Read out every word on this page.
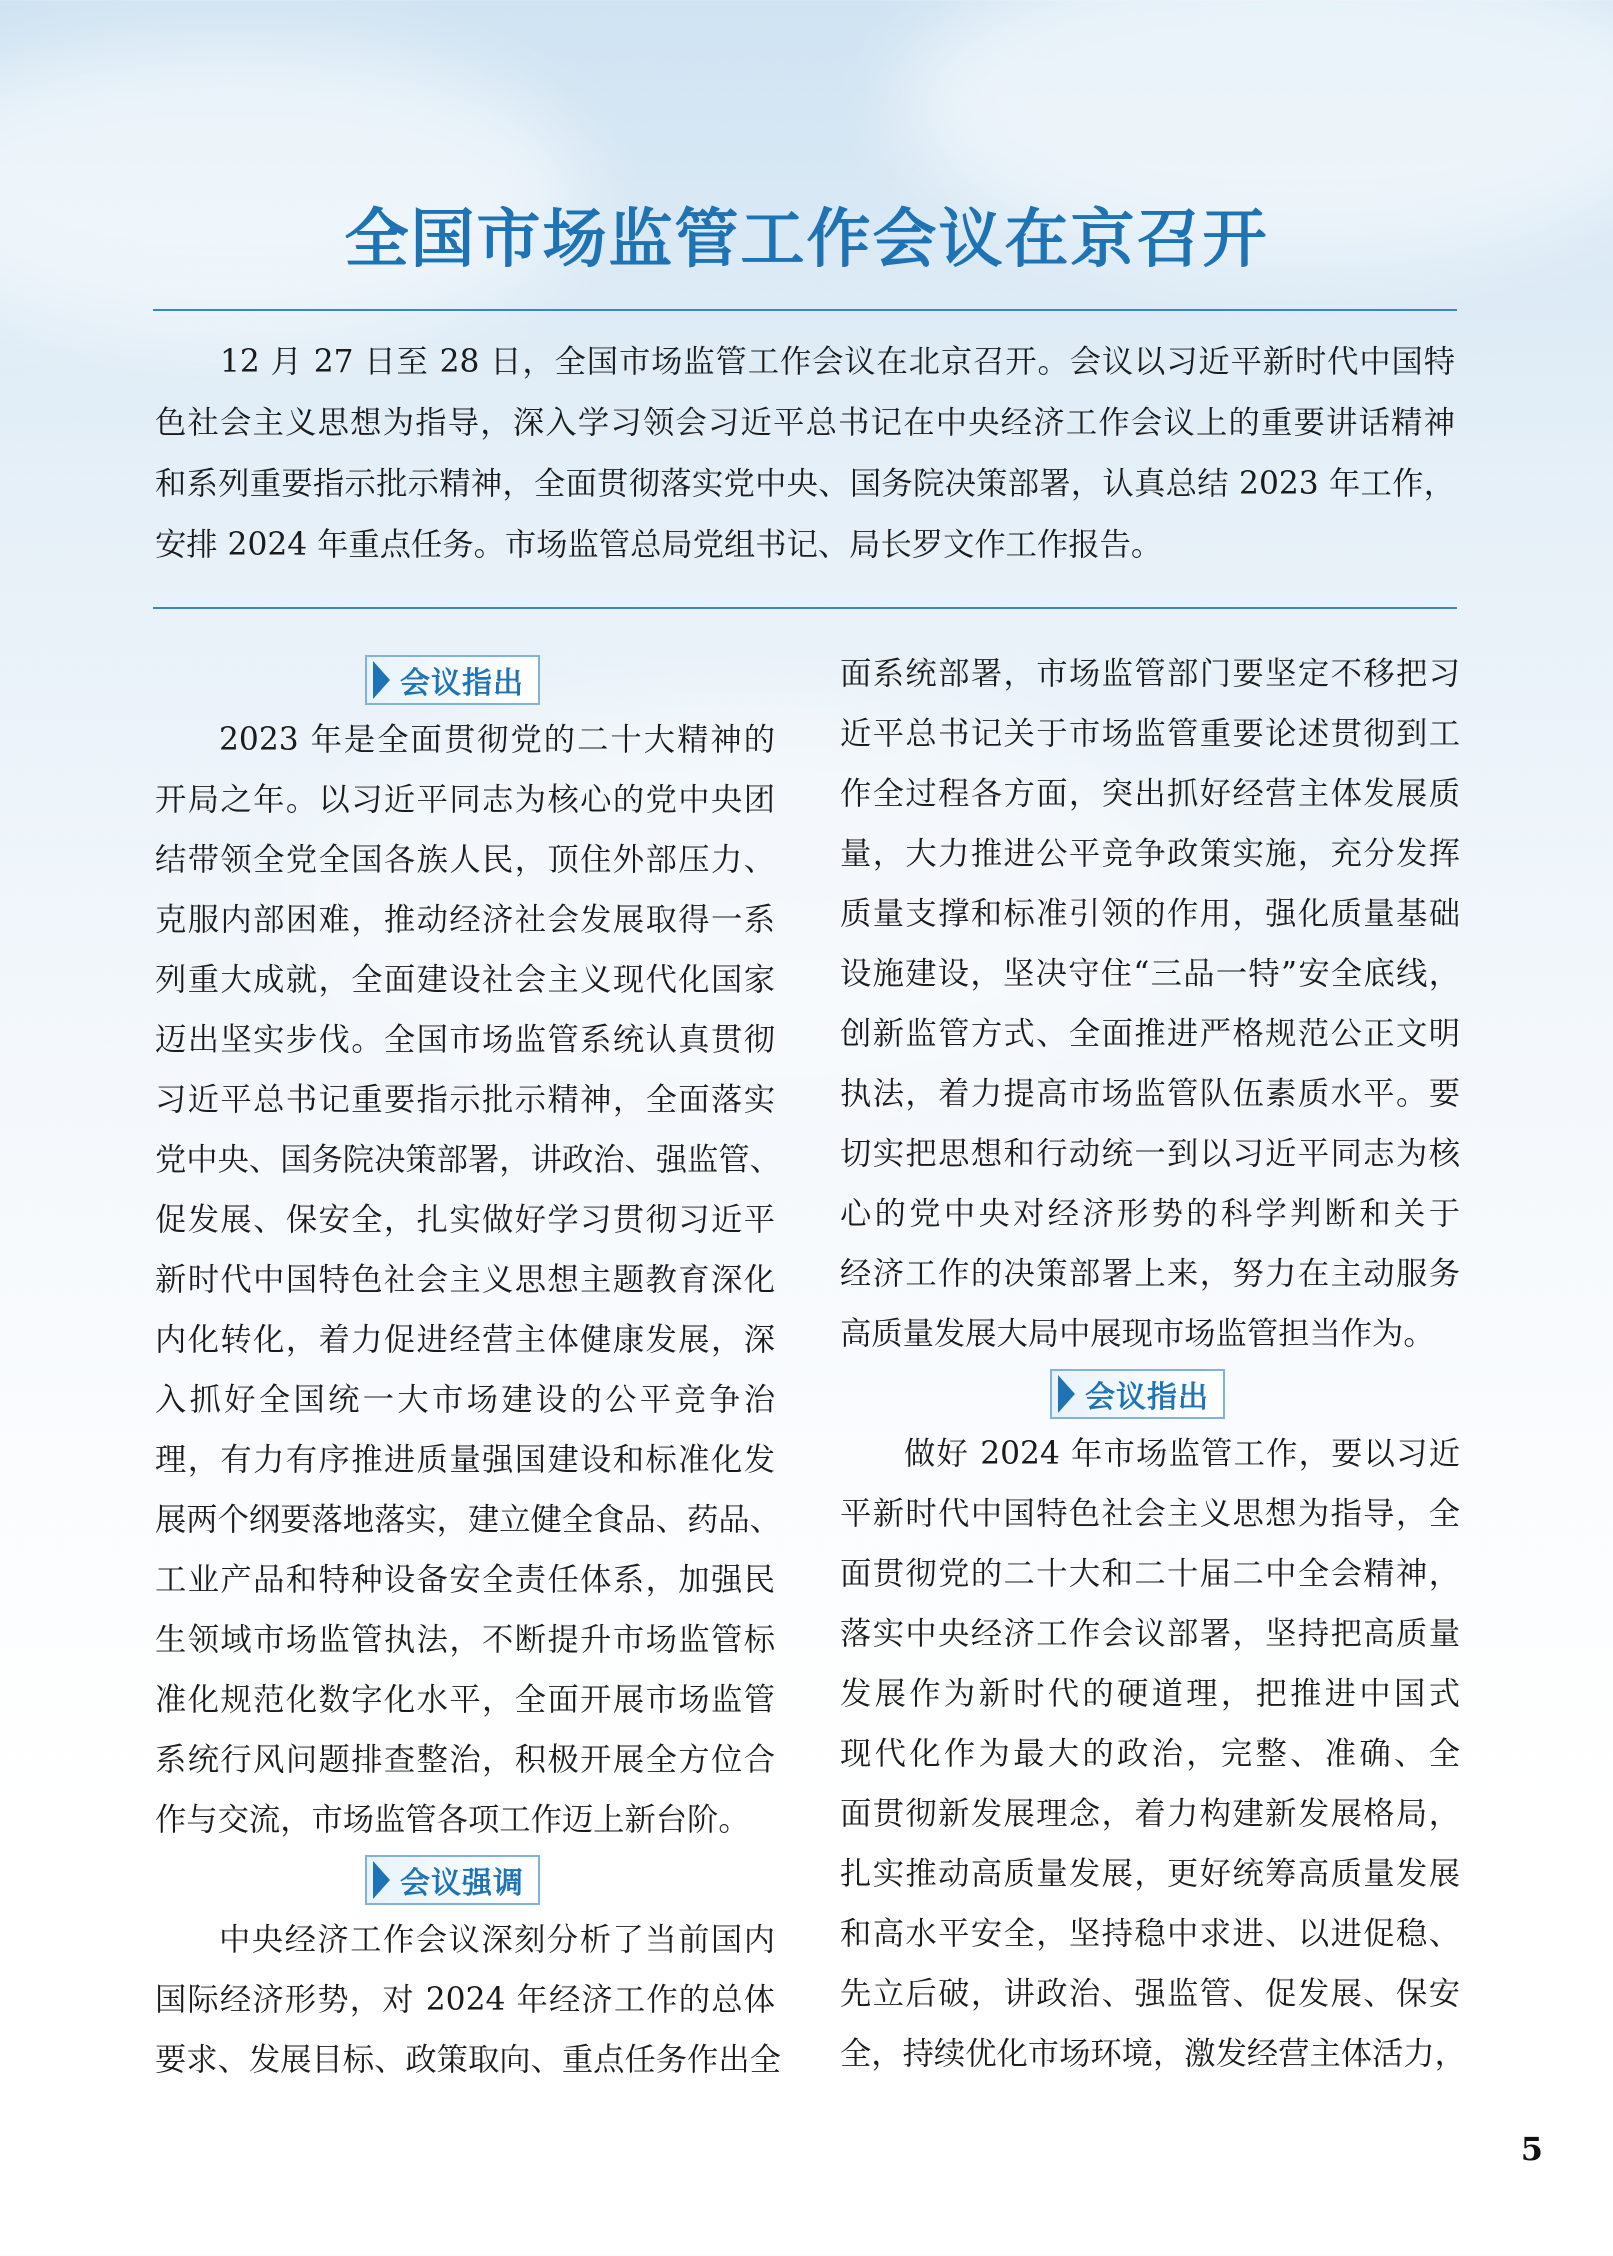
全国市场监管工作会议在京召开
12 月 27 日至 28 日，全国市场监管工作会议在北京召开。会议以习近平新时代中国特
色社会主义思想为指导，深入学习领会习近平总书记在中央经济工作会议上的重要讲话精神
和系列重要指示批示精神，全面贯彻落实党中央、国务院决策部署，认真总结 2023 年工作，
安排 2024 年重点任务。市场监管总局党组书记、局长罗文作工作报告。
会议指出
2023 年是全面贯彻党的二十大精神的
开局之年。以习近平同志为核心的党中央团
结带领全党全国各族人民，顶住外部压力、
克服内部困难，推动经济社会发展取得一系
列重大成就，全面建设社会主义现代化国家
迈出坚实步伐。全国市场监管系统认真贯彻
习近平总书记重要指示批示精神，全面落实
党中央、国务院决策部署，讲政治、强监管、
促发展、保安全，扎实做好学习贯彻习近平
新时代中国特色社会主义思想主题教育深化
内化转化，着力促进经营主体健康发展，深
入抓好全国统一大市场建设的公平竞争治
理，有力有序推进质量强国建设和标准化发
展两个纲要落地落实，建立健全食品、药品、
工业产品和特种设备安全责任体系，加强民
生领域市场监管执法，不断提升市场监管标
准化规范化数字化水平，全面开展市场监管
系统行风问题排查整治，积极开展全方位合
作与交流，市场监管各项工作迈上新台阶。
会议强调
中央经济工作会议深刻分析了当前国内
国际经济形势，对 2024 年经济工作的总体
要求、发展目标、政策取向、重点任务作出全
面系统部署，市场监管部门要坚定不移把习
近平总书记关于市场监管重要论述贯彻到工
作全过程各方面，突出抓好经营主体发展质
量，大力推进公平竞争政策实施，充分发挥
质量支撑和标准引领的作用，强化质量基础
设施建设，坚决守住“三品一特”安全底线，
创新监管方式、全面推进严格规范公正文明
执法，着力提高市场监管队伍素质水平。要
切实把思想和行动统一到以习近平同志为核
心的党中央对经济形势的科学判断和关于
经济工作的决策部署上来，努力在主动服务
高质量发展大局中展现市场监管担当作为。
会议指出
做好 2024 年市场监管工作，要以习近
平新时代中国特色社会主义思想为指导，全
面贯彻党的二十大和二十届二中全会精神，
落实中央经济工作会议部署，坚持把高质量
发展作为新时代的硬道理，把推进中国式
现代化作为最大的政治，完整、准确、全
面贯彻新发展理念，着力构建新发展格局，
扎实推动高质量发展，更好统筹高质量发展
和高水平安全，坚持稳中求进、以进促稳、
先立后破，讲政治、强监管、促发展、保安
全，持续优化市场环境，激发经营主体活力，
5
